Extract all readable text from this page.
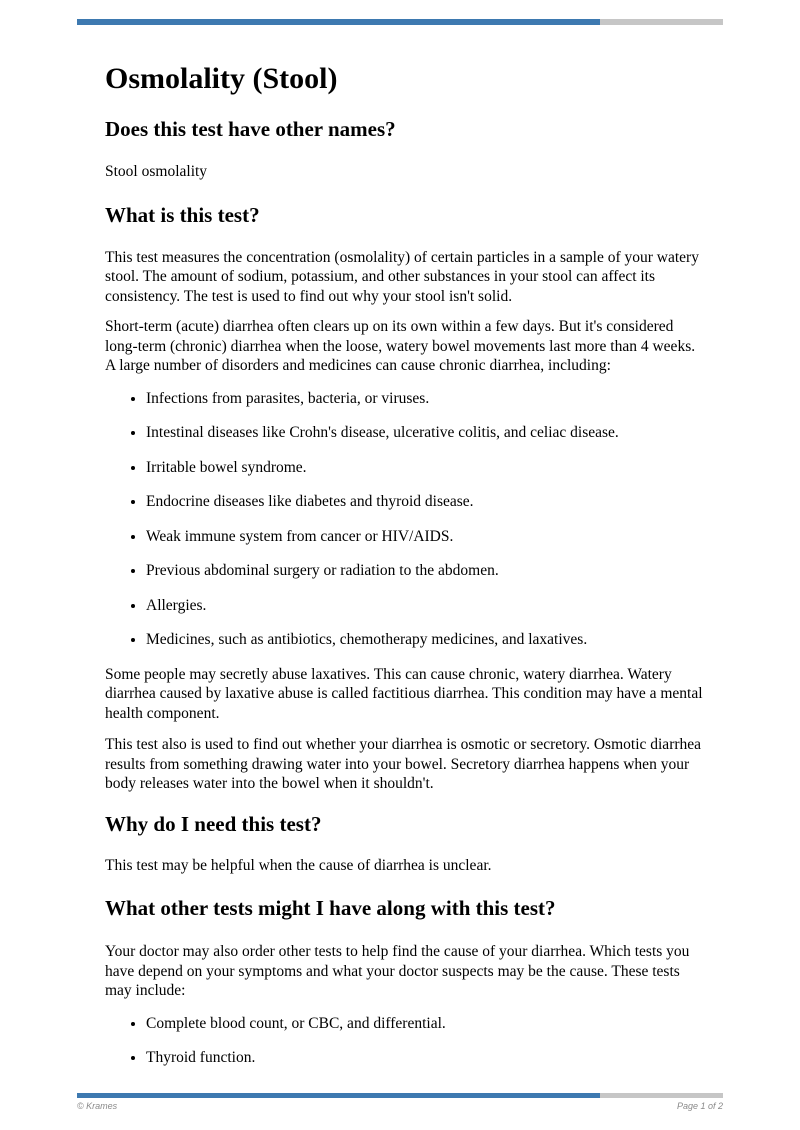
Osmolality (Stool)
Does this test have other names?

Stool osmolality

What is this test?

This test measures the concentration (osmolality) of certain particles in a sample of your watery stool. The amount of sodium, potassium, and other substances in your stool can affect its consistency. The test is used to find out why your stool isn't solid.

Short-term (acute) diarrhea often clears up on its own within a few days. But it's considered long-term (chronic) diarrhea when the loose, watery bowel movements last more than 4 weeks. A large number of disorders and medicines can cause chronic diarrhea, including:

• Infections from parasites, bacteria, or viruses.
• Intestinal diseases like Crohn's disease, ulcerative colitis, and celiac disease.
• Irritable bowel syndrome.
• Endocrine diseases like diabetes and thyroid disease.
• Weak immune system from cancer or HIV/AIDS.
• Previous abdominal surgery or radiation to the abdomen.
• Allergies.
• Medicines, such as antibiotics, chemotherapy medicines, and laxatives.

Some people may secretly abuse laxatives. This can cause chronic, watery diarrhea. Watery diarrhea caused by laxative abuse is called factitious diarrhea. This condition may have a mental health component.

This test also is used to find out whether your diarrhea is osmotic or secretory. Osmotic diarrhea results from something drawing water into your bowel. Secretory diarrhea happens when your body releases water into the bowel when it shouldn't.

Why do I need this test?

This test may be helpful when the cause of diarrhea is unclear.

What other tests might I have along with this test?

Your doctor may also order other tests to help find the cause of your diarrhea. Which tests you have depend on your symptoms and what your doctor suspects may be the cause. These tests may include:

• Complete blood count, or CBC, and differential.
• Thyroid function.
© Krames	Page 1 of 2
